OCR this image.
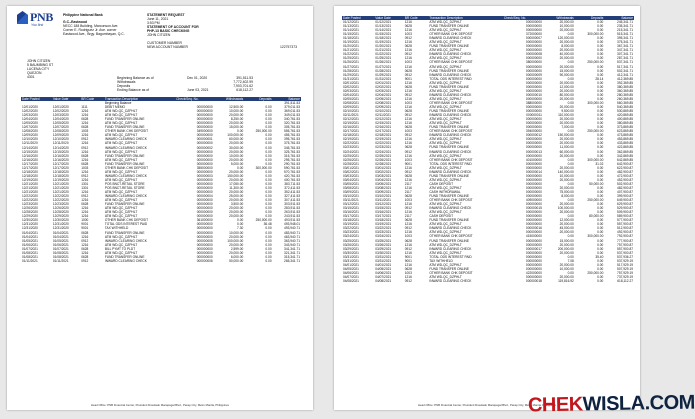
PNB
You first
Philippine National Bank
G.C.-Eastwood
NECC 188 Building, Marconson Ave.
Corner E. Rodriguez Jr. Ave. corner
Eastwood Ave., Brgy. Bagumbayan, Q.C.
STATEMENT REQUEST
June 11, 2021
3:53 PM
STATEMENT OF ACCOUNT FOR
PHP-13 BASIC CHECKING
JOHN CITIZEN
CUSTOMER NUMBER
NEW ACCOUNT NUMBER	122757373
JOHN CITIZEN
5 BAUMBING ST
LUCENA CITY
QUEZON
4301	Beginning Balance as of	Dec 01, 2020	391,511.53
Withdrawals	7,772,402.99
Deposits	7,903,701.62
Ending Balance as of	June 03, 2021	618,112.27
Date Posted	Value Date	BR Code	Transaction Description	Check/Seq. No.	Withdrawals	Deposits	Balance
			Beginning Balance				391,511.53
12/01/2020	12/01/2020	1111	DEBIT MEMO	000000000	12,500.00	0.00	379,011.53
12/02/2020	12/02/2020	1216	ATM WD-QC_DZPHLT	000000000	10,000.00	0.00	369,011.53
12/03/2020	12/03/2020	1216	ATM WD-QC_DZPHLT	000000000	20,000.00	0.00	349,011.53
12/04/2020	12/04/2020	0628	FUND TRANSFER ONLINE	000000000	8,250.00	0.00	340,761.53
12/05/2020	12/05/2020	1216	ATM WD-QC_DZPHLT	000000000	20,000.00	0.00	320,761.53
12/07/2020	12/07/2020	0628	FUND TRANSFER ONLINE	000000000	15,000.00	0.00	305,761.53
12/08/2020	12/08/2020	1003	OTHER BANK CHK DEPOSIT	349000000	0.00	250,000.00	555,761.53
12/09/2020	12/09/2020	1216	ATM WD-QC_DZPHLT	000000000	100,000.00	0.00	455,761.53
12/10/2020	12/10/2020	0912	INWARD CLEARING CHECK	000000001	60,000.00	0.00	395,761.53
12/11/2020	12/11/2020	1216	ATM WD-QC_DZPHLT	000000000	20,000.00	0.00	375,761.53
12/14/2020	12/14/2020	0912	INWARD CLEARING CHECK	000000002	30,000.00	0.00	345,761.53
12/15/2020	12/15/2020	1216	ATM WD-QC_DZPHLT	000000000	20,000.00	0.00	325,761.53
12/16/2020	12/16/2020	0628	FUND TRANSFER ONLINE	000000000	10,000.00	0.00	315,761.53
12/16/2020	12/16/2020	1216	ATM WD-QC_DZPHLT	000000000	20,000.00	0.00	295,761.53
12/17/2020	12/17/2020	0628	FUND TRANSFER ONLINE	000000000	5,000.00	0.00	290,761.53
12/17/2020	12/17/2020	1003	OTHER BANK CHK DEPOSIT	355000000	0.00	300,000.00	590,761.53
12/18/2020	12/18/2020	1216	ATM WD-QC_DZPHLT	000000000	20,000.00	0.00	570,761.53
12/18/2020	12/18/2020	0912	INWARD CLEARING CHECK	000000003	150,000.00	0.00	420,761.53
12/19/2020	12/19/2020	1216	ATM WD-QC_DZPHLT	000000000	20,000.00	0.00	400,761.53
12/21/2020	12/21/2020	1301	POS BNCT-RETAIL STORE	000000000	17,050.00	0.00	383,711.53
12/21/2020	12/21/2020	1301	POS BNCT-RETAIL STORE	000000000	11,300.00	0.00	372,411.53
12/21/2020	12/21/2020	1216	ATM WD-QC_DZPHLT	000000000	20,000.00	0.00	352,411.53
12/22/2020	12/22/2020	0912	INWARD CLEARING CHECK	000000004	25,000.00	0.00	327,411.53
12/22/2020	12/22/2020	1216	ATM WD-QC_DZPHLT	000000000	20,000.00	0.00	307,411.53
12/23/2020	12/23/2020	0628	FUND TRANSFER ONLINE	000000000	3,500.00	0.00	303,911.53
12/26/2020	12/26/2020	1216	ATM WD-QC_DZPHLT	000000000	20,000.00	0.00	283,911.53
12/28/2020	12/28/2020	1216	ATM WD-QC_DZPHLT	000000000	20,000.00	0.00	263,911.53
12/29/2020	12/29/2020	1216	ATM WD-QC_DZPHLT	000000000	20,000.00	0.00	243,911.53
12/30/2020	12/30/2020	1000	OTHER BANK CHK DEPOSIT	361000000	0.00	250,000.00	493,911.53
12/31/2020	12/31/2020	9001	TOTAL ODS INTEREST PAID	000000000	0.00	36.48	493,948.01
12/31/2020	12/31/2020	9001	TAX WITHHELD	000000000	7.30	0.00	493,940.71
01/04/2021	01/04/2021	0628	FUND TRANSFER ONLINE	000000000	10,000.00	0.00	483,940.71
01/04/2021	01/04/2021	1216	ATM WD-QC_DZPHLT	000000000	20,000.00	0.00	463,940.71
01/05/2021	01/05/2021	0912	INWARD CLEARING CHECK	000000005	100,000.00	0.00	363,940.71
01/06/2021	01/06/2021	1216	ATM WD-QC_DZPHLT	000000000	20,000.00	0.00	343,940.71
01/07/2021	01/07/2021	0628	BILL PYMT TO PLDT	000000000	2,599.00	0.00	341,341.71
01/08/2021	01/08/2021	1216	ATM WD-QC_DZPHLT	000000000	20,000.00	0.00	321,341.71
01/08/2021	01/08/2021	0628	FUND TRANSFER ONLINE	000000000	6,000.00	0.00	315,341.71
01/11/2021	01/11/2021	0912	INWARD CLEARING CHECK	000000006	50,000.00	0.00	265,341.71
Head Office: PNB Financial Center, President Diosdado Macapagal Blvd., Pasay City, Metro Manila, Philippines
Date Posted	Value Date	BR Code	Transaction Description	Check/Seq. No.	Withdrawals	Deposits	Balance
01/12/2021	01/12/2021	1216	ATM WD-QC_DZPHLT	000000000	20,000.00	0.00	245,341.71
01/13/2021	01/13/2021	0628	FUND TRANSFER ONLINE	000000000	10,000.00	0.00	235,341.71
01/14/2021	01/14/2021	1216	ATM WD-QC_DZPHLT	000000000	20,000.00	0.00	215,341.71
01/15/2021	01/15/2021	1003	OTHER BANK CHK DEPOSIT	372000000	0.00	300,000.00	515,341.71
01/18/2021	01/18/2021	0912	INWARD CLEARING CHECK	000000007	120,000.00	0.00	395,341.71
01/19/2021	01/19/2021	1216	ATM WD-QC_DZPHLT	000000000	20,000.00	0.00	375,341.71
01/20/2021	01/20/2021	0628	FUND TRANSFER ONLINE	000000000	8,000.00	0.00	367,341.71
01/21/2021	01/21/2021	1216	ATM WD-QC_DZPHLT	000000000	20,000.00	0.00	347,341.71
01/22/2021	01/22/2021	0912	INWARD CLEARING CHECK	000000008	40,000.00	0.00	307,341.71
01/25/2021	01/25/2021	1216	ATM WD-QC_DZPHLT	000000000	20,000.00	0.00	287,341.71
01/26/2021	01/26/2021	1003	OTHER BANK CHK DEPOSIT	380000000	0.00	250,000.00	537,341.71
01/27/2021	01/27/2021	1216	ATM WD-QC_DZPHLT	000000000	20,000.00	0.00	517,341.71
01/28/2021	01/28/2021	0628	FUND TRANSFER ONLINE	000000000	15,000.00	0.00	502,341.71
01/29/2021	01/29/2021	0912	INWARD CLEARING CHECK	000000009	90,000.00	0.00	412,341.71
01/31/2021	01/31/2021	9001	TOTAL ODS INTEREST PAID	000000000	0.00	28.14	412,369.85
02/01/2021	02/01/2021	1216	ATM WD-QC_DZPHLT	000000000	20,000.00	0.00	392,369.85
02/02/2021	02/02/2021	0628	FUND TRANSFER ONLINE	000000000	12,000.00	0.00	380,369.85
02/03/2021	02/03/2021	1216	ATM WD-QC_DZPHLT	000000000	20,000.00	0.00	360,369.85
02/04/2021	02/04/2021	0912	INWARD CLEARING CHECK	000000010	80,000.00	0.00	280,369.85
02/05/2021	02/05/2021	1216	ATM WD-QC_DZPHLT	000000000	20,000.00	0.00	260,369.85
02/08/2021	02/08/2021	1003	OTHER BANK CHK DEPOSIT	388000000	0.00	300,000.00	560,369.85
02/09/2021	02/09/2021	1216	ATM WD-QC_DZPHLT	000000000	20,000.00	0.00	540,369.85
02/10/2021	02/10/2021	0628	FUND TRANSFER ONLINE	000000000	9,500.00	0.00	530,869.85
02/11/2021	02/11/2021	0912	INWARD CLEARING CHECK	000000011	110,000.00	0.00	420,869.85
02/12/2021	02/12/2021	1216	ATM WD-QC_DZPHLT	000000000	20,000.00	0.00	400,869.85
02/15/2021	02/15/2021	1216	ATM WD-QC_DZPHLT	000000000	20,000.00	0.00	380,869.85
02/16/2021	02/16/2021	0628	FUND TRANSFER ONLINE	000000000	7,000.00	0.00	373,869.85
02/17/2021	02/17/2021	1003	OTHER BANK CHK DEPOSIT	394000000	0.00	250,000.00	623,869.85
02/18/2021	02/18/2021	0912	INWARD CLEARING CHECK	000000012	150,000.00	0.00	473,869.85
02/19/2021	02/19/2021	1216	ATM WD-QC_DZPHLT	000000000	20,000.00	0.00	453,869.85
02/22/2021	02/22/2021	1216	ATM WD-QC_DZPHLT	000000000	20,000.00	0.00	433,869.85
02/23/2021	02/23/2021	0628	FUND TRANSFER ONLINE	000000000	11,000.00	0.00	422,869.85
02/24/2021	02/24/2021	0912	INWARD CLEARING CHECK	000000013	60,000.00	0.00	362,869.85
02/25/2021	02/25/2021	1216	ATM WD-QC_DZPHLT	000000000	20,000.00	0.00	342,869.85
02/26/2021	02/26/2021	1003	OTHER BANK CHK DEPOSIT	401000000	0.00	300,000.00	642,869.85
02/28/2021	02/28/2021	9001	TOTAL ODS INTEREST PAID	000000000	0.00	31.02	642,900.87
03/01/2021	03/01/2021	1216	ATM WD-QC_DZPHLT	000000000	20,000.00	0.00	622,900.87
03/02/2021	03/02/2021	0912	INWARD CLEARING CHECK	000000014	140,000.00	0.00	482,900.87
03/03/2021	03/03/2021	0628	FUND TRANSFER ONLINE	000000000	10,000.00	0.00	472,900.87
03/04/2021	03/04/2021	1216	ATM WD-QC_DZPHLT	000000000	20,000.00	0.00	452,900.87
03/05/2021	03/05/2021	2117	CASH DEPOSIT	000000000	0.00	50,000.00	502,900.87
03/08/2021	03/08/2021	1216	ATM WD-QC_DZPHLT	000000000	20,000.00	0.00	482,900.87
03/09/2021	03/09/2021	2117	CASH WITHDRAWAL	000000000	75,000.00	0.00	407,900.87
03/10/2021	03/10/2021	0628	FUND TRANSFER ONLINE	000000000	8,000.00	0.00	399,900.87
03/11/2021	03/11/2021	1003	OTHER BANK CHK DEPOSIT	409000000	0.00	250,000.00	649,900.87
03/12/2021	03/12/2021	1216	ATM WD-QC_DZPHLT	000000000	20,000.00	0.00	629,900.87
03/15/2021	03/15/2021	0912	INWARD CLEARING CHECK	000000015	100,000.00	0.00	529,900.87
03/16/2021	03/16/2021	1216	ATM WD-QC_DZPHLT	000000000	20,000.00	0.00	509,900.87
03/17/2021	03/17/2021	2117	CASH DEPOSIT	000000000	0.00	80,000.00	589,900.87
03/18/2021	03/18/2021	0628	FUND TRANSFER ONLINE	000000000	12,000.00	0.00	577,900.87
03/19/2021	03/19/2021	1216	ATM WD-QC_DZPHLT	000000000	20,000.00	0.00	557,900.87
03/22/2021	03/22/2021	0912	INWARD CLEARING CHECK	000000016	45,000.00	0.00	512,900.87
03/23/2021	03/23/2021	1216	ATM WD-QC_DZPHLT	000000000	20,000.00	0.00	492,900.87
03/24/2021	03/24/2021	1003	OTHER BANK CHK DEPOSIT	415000000	0.00	300,000.00	792,900.87
03/25/2021	03/25/2021	0628	FUND TRANSFER ONLINE	000000000	15,000.00	0.00	777,900.87
03/26/2021	03/26/2021	1216	ATM WD-QC_DZPHLT	000000000	20,000.00	0.00	757,900.87
03/29/2021	03/29/2021	0912	INWARD CLEARING CHECK	000000017	200,000.00	0.00	557,900.87
03/30/2021	03/30/2021	1216	ATM WD-QC_DZPHLT	000000000	20,000.00	0.00	537,900.87
03/31/2021	03/31/2021	9001	TOTAL ODS INTEREST PAID	000000000	0.00	35.40	537,936.27
03/31/2021	03/31/2021	9001	TAX WITHHELD	000000000	7.08	0.00	537,929.19
04/01/2021	04/01/2021	1216	ATM WD-QC_DZPHLT	000000000	20,000.00	0.00	517,929.19
04/05/2021	04/05/2021	0628	FUND TRANSFER ONLINE	000000000	10,000.00	0.00	507,929.19
04/06/2021	04/06/2021	1003	OTHER BANK CHK DEPOSIT	422000000	0.00	250,000.00	757,929.19
04/07/2021	04/07/2021	1216	ATM WD-QC_DZPHLT	000000000	20,000.00	0.00	737,929.19
04/08/2021	04/08/2021	0912	INWARD CLEARING CHECK	000000018	119,816.92	0.00	618,112.27
Head Office: PNB Financial Center, President Diosdado Macapagal Blvd., Pasay City, Metro Manila, Philippines
CHEKWISLA.COM
